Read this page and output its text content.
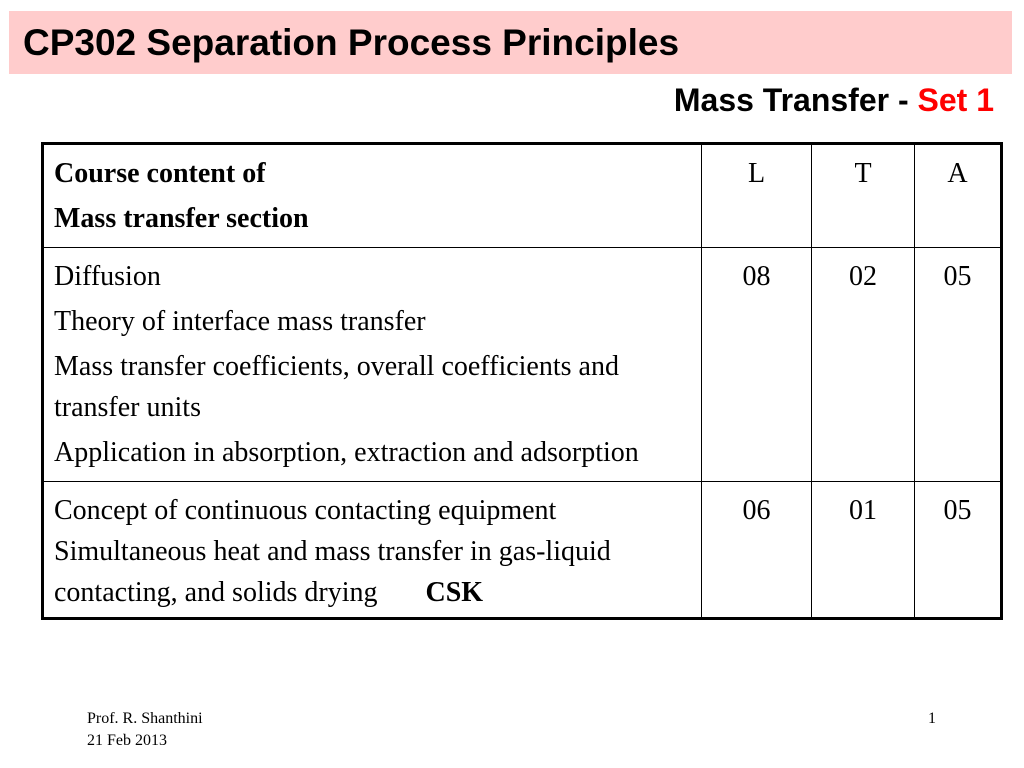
CP302 Separation Process Principles
Mass Transfer - Set 1
Course content of
Mass transfer section	L	T	A

Diffusion
Theory of interface mass transfer
Mass transfer coefficients, overall coefficients and transfer units
Application in absorption, extraction and adsorption	08	02	05

Concept of continuous contacting equipment
Simultaneous heat and mass transfer in gas-liquid contacting, and solids drying CSK	06	01	05
Prof. R. Shanthini
21 Feb 2013
1
